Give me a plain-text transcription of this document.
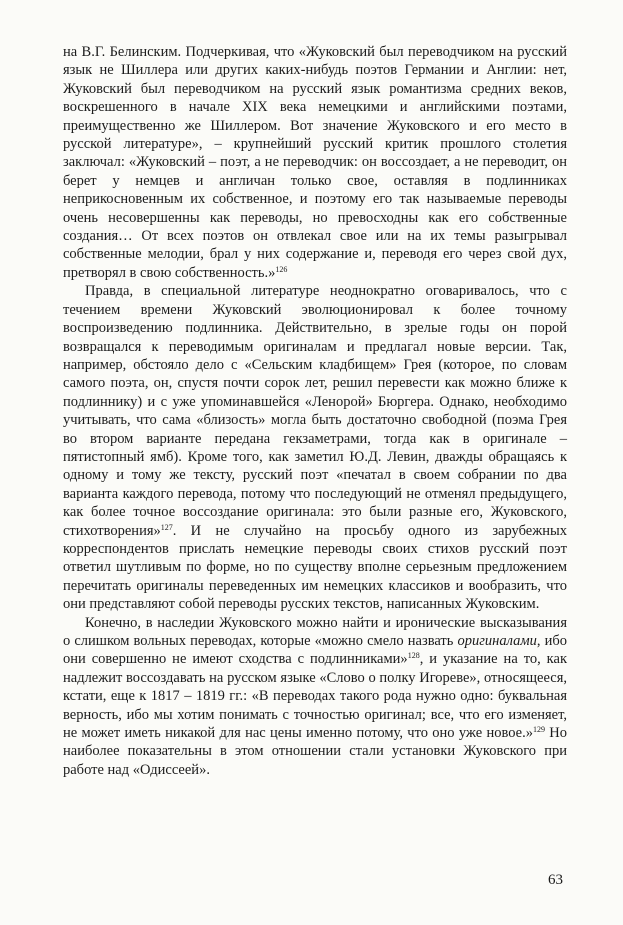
на В.Г. Белинским. Подчеркивая, что «Жуковский был переводчиком на русский язык не Шиллера или других каких-нибудь поэтов Германии и Англии: нет, Жуковский был переводчиком на русский язык романтизма средних веков, воскрешенного в начале XIX века немецкими и английскими поэтами, преимущественно же Шиллером. Вот значение Жуковского и его место в русской литературе», – крупнейший русский критик прошлого столетия заключал: «Жуковский – поэт, а не переводчик: он воссоздает, а не переводит, он берет у немцев и англичан только свое, оставляя в подлинниках неприкосновенным их собственное, и поэтому его так называемые переводы очень несовершенны как переводы, но превосходны как его собственные создания… От всех поэтов он отвлекал свое или на их темы разыгрывал собственные мелодии, брал у них содержание и, переводя его через свой дух, претворял в свою собственность.»$^{126}$

Правда, в специальной литературе неоднократно оговаривалось, что с течением времени Жуковский эволюционировал к более точному воспроизведению подлинника. Действительно, в зрелые годы он порой возвращался к переводимым оригиналам и предлагал новые версии. Так, например, обстояло дело с «Сельским кладбищем» Грея (которое, по словам самого поэта, он, спустя почти сорок лет, решил перевести как можно ближе к подлиннику) и с уже упоминавшейся «Ленорой» Бюргера. Однако, необходимо учитывать, что сама «близость» могла быть достаточно свободной (поэма Грея во втором варианте передана гекзаметрами, тогда как в оригинале – пятистопный ямб). Кроме того, как заметил Ю.Д. Левин, дважды обращаясь к одному и тому же тексту, русский поэт «печатал в своем собрании по два варианта каждого перевода, потому что последующий не отменял предыдущего, как более точное воссоздание оригинала: это были разные его, Жуковского, стихотворения»$^{127}$. И не случайно на просьбу одного из зарубежных корреспондентов прислать немецкие переводы своих стихов русский поэт ответил шутливым по форме, но по существу вполне серьезным предложением перечитать оригиналы переведенных им немецких классиков и вообразить, что они представляют собой переводы русских текстов, написанных Жуковским.

Конечно, в наследии Жуковского можно найти и иронические высказывания о слишком вольных переводах, которые «можно смело назвать оригиналами, ибо они совершенно не имеют сходства с подлинниками»$^{128}$, и указание на то, как надлежит воссоздавать на русском языке «Слово о полку Игореве», относящееся, кстати, еще к 1817 – 1819 гг.: «В переводах такого рода нужно одно: буквальная верность, ибо мы хотим понимать с точностью оригинал; все, что его изменяет, не может иметь никакой для нас цены именно потому, что оно уже новое.»$^{129}$ Но наиболее показательны в этом отношении стали установки Жуковского при работе над «Одиссеей».

63
